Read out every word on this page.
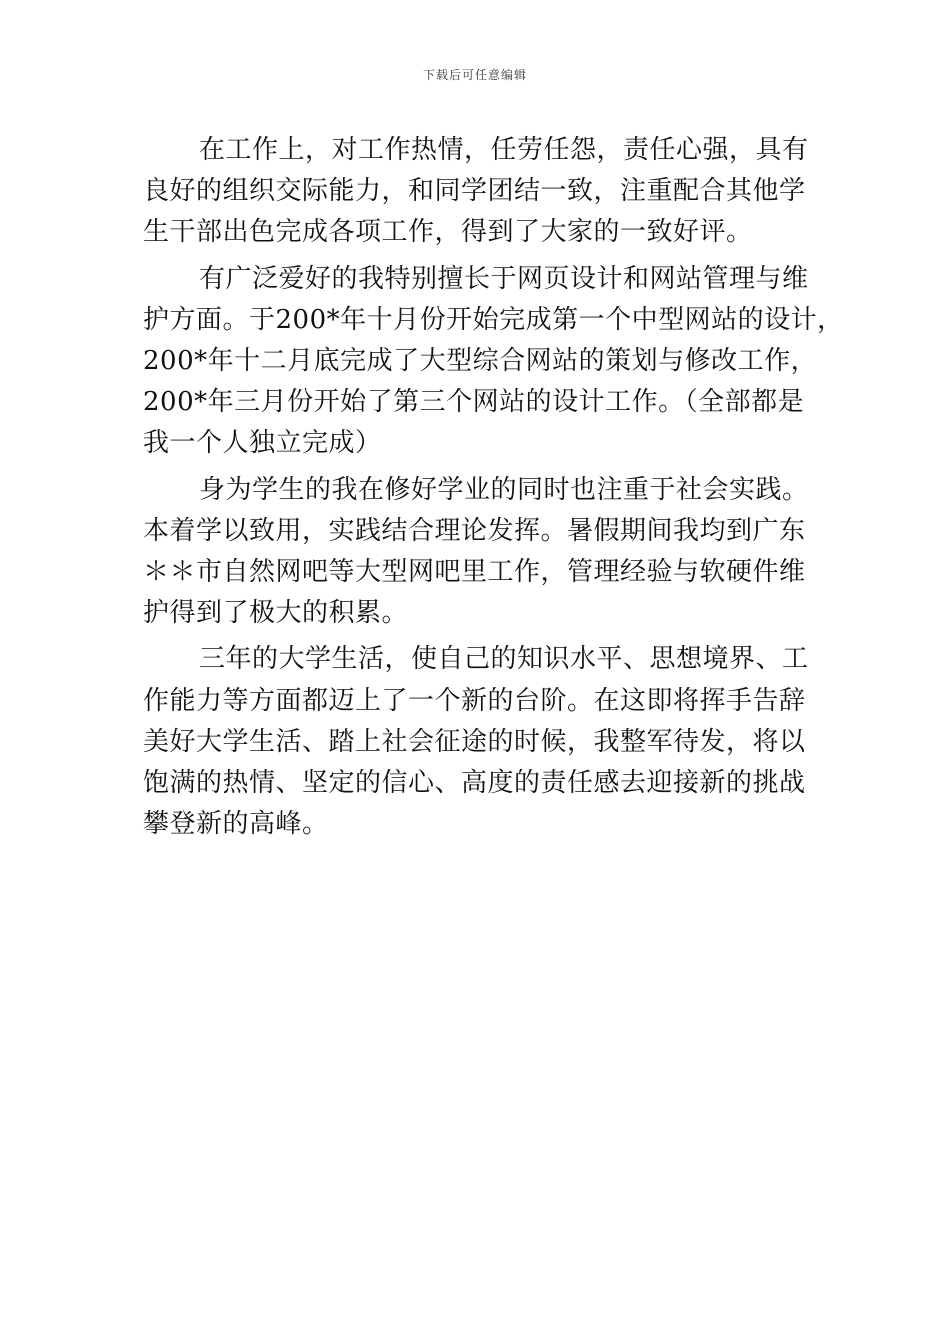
下载后可任意编辑

在工作上，对工作热情，任劳任怨，责任心强，具有
良好的组织交际能力，和同学团结一致，注重配合其他学
生干部出色完成各项工作，得到了大家的一致好评。

有广泛爱好的我特别擅长于网页设计和网站管理与维
护方面。于200*年十月份开始完成第一个中型网站的设计，
200*年十二月底完成了大型综合网站的策划与修改工作，
200*年三月份开始了第三个网站的设计工作。（全部都是
我一个人独立完成）

身为学生的我在修好学业的同时也注重于社会实践。
本着学以致用，实践结合理论发挥。暑假期间我均到广东
＊＊市自然网吧等大型网吧里工作，管理经验与软硬件维
护得到了极大的积累。

三年的大学生活，使自己的知识水平、思想境界、工
作能力等方面都迈上了一个新的台阶。在这即将挥手告辞
美好大学生活、踏上社会征途的时候，我整军待发，将以
饱满的热情、坚定的信心、高度的责任感去迎接新的挑战
攀登新的高峰。
